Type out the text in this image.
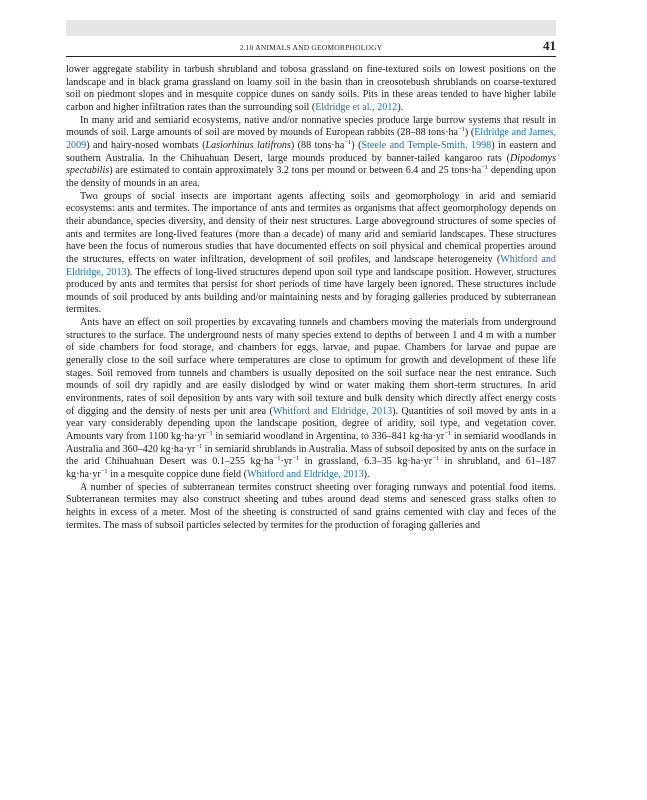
2.10 ANIMALS AND GEOMORPHOLOGY	41

lower aggregate stability in tarbush shrubland and tobosa grassland on fine-textured soils on lowest positions on the landscape and in black grama grassland on loamy soil in the basin than in creosotebush shrublands on coarse-textured soil on piedmont slopes and in mesquite coppice dunes on sandy soils. Pits in these areas tended to have higher labile carbon and higher infiltration rates than the surrounding soil (Eldridge et al., 2012).

In many arid and semiarid ecosystems, native and/or nonnative species produce large burrow systems that result in mounds of soil. Large amounts of soil are moved by mounds of European rabbits (28–88 $tons\cdot ha^{-1}$) (Eldridge and James, 2009) and hairy-nosed wombats (Lasiorhinus latifrons) (88 $tons\cdot ha^{-1}$) (Steele and Temple-Smith, 1998) in eastern and southern Australia. In the Chihuahuan Desert, large mounds produced by banner-tailed kangaroo rats (Dipodomys spectabilis) are estimated to contain approximately 3.2 tons per mound or between 6.4 and 25 $tons\cdot ha^{-1}$ depending upon the density of mounds in an area.

Two groups of social insects are important agents affecting soils and geomorphology in arid and semiarid ecosystems: ants and termites. The importance of ants and termites as organisms that affect geomorphology depends on their abundance, species diversity, and density of their nest structures. Large aboveground structures of some species of ants and termites are long-lived features (more than a decade) of many arid and semiarid landscapes. These structures have been the focus of numerous studies that have documented effects on soil physical and chemical properties around the structures, effects on water infiltration, development of soil profiles, and landscape heterogeneity (Whitford and Eldridge, 2013). The effects of long-lived structures depend upon soil type and landscape position. However, structures produced by ants and termites that persist for short periods of time have largely been ignored. These structures include mounds of soil produced by ants building and/or maintaining nests and by foraging galleries produced by subterranean termites.

Ants have an effect on soil properties by excavating tunnels and chambers moving the materials from underground structures to the surface. The underground nests of many species extend to depths of between 1 and 4 m with a number of side chambers for food storage, and chambers for eggs, larvae, and pupae. Chambers for larvae and pupae are generally close to the soil surface where temperatures are close to optimum for growth and development of these life stages. Soil removed from tunnels and chambers is usually deposited on the soil surface near the nest entrance. Such mounds of soil dry rapidly and are easily dislodged by wind or water making them short-term structures. In arid environments, rates of soil deposition by ants vary with soil texture and bulk density which directly affect energy costs of digging and the density of nests per unit area (Whitford and Eldridge, 2013). Quantities of soil moved by ants in a year vary considerably depending upon the landscape position, degree of aridity, soil type, and vegetation cover. Amounts vary from 1100 $kg\cdot ha\cdot yr^{-1}$ in semiarid woodland in Argentina, to 336–841 $kg\cdot ha\cdot yr^{-1}$ in semiarid woodlands in Australia and 360–420 $kg\cdot ha\cdot yr^{-1}$ in semiarid shrublands in Australia. Mass of subsoil deposited by ants on the surface in the arid Chihuahuan Desert was 0.1–255 $kg\cdot ha^{-1}\cdot yr^{-1}$ in grassland, 6.3–35 $kg\cdot ha\cdot yr^{-1}$ in shrubland, and 61–187 $kg\cdot ha\cdot yr^{-1}$ in a mesquite coppice dune field (Whitford and Eldridge, 2013).

A number of species of subterranean termites construct sheeting over foraging runways and potential food items. Subterranean termites may also construct sheeting and tubes around dead stems and senesced grass stalks often to heights in excess of a meter. Most of the sheeting is constructed of sand grains cemented with clay and feces of the termites. The mass of subsoil particles selected by termites for the production of foraging galleries and
